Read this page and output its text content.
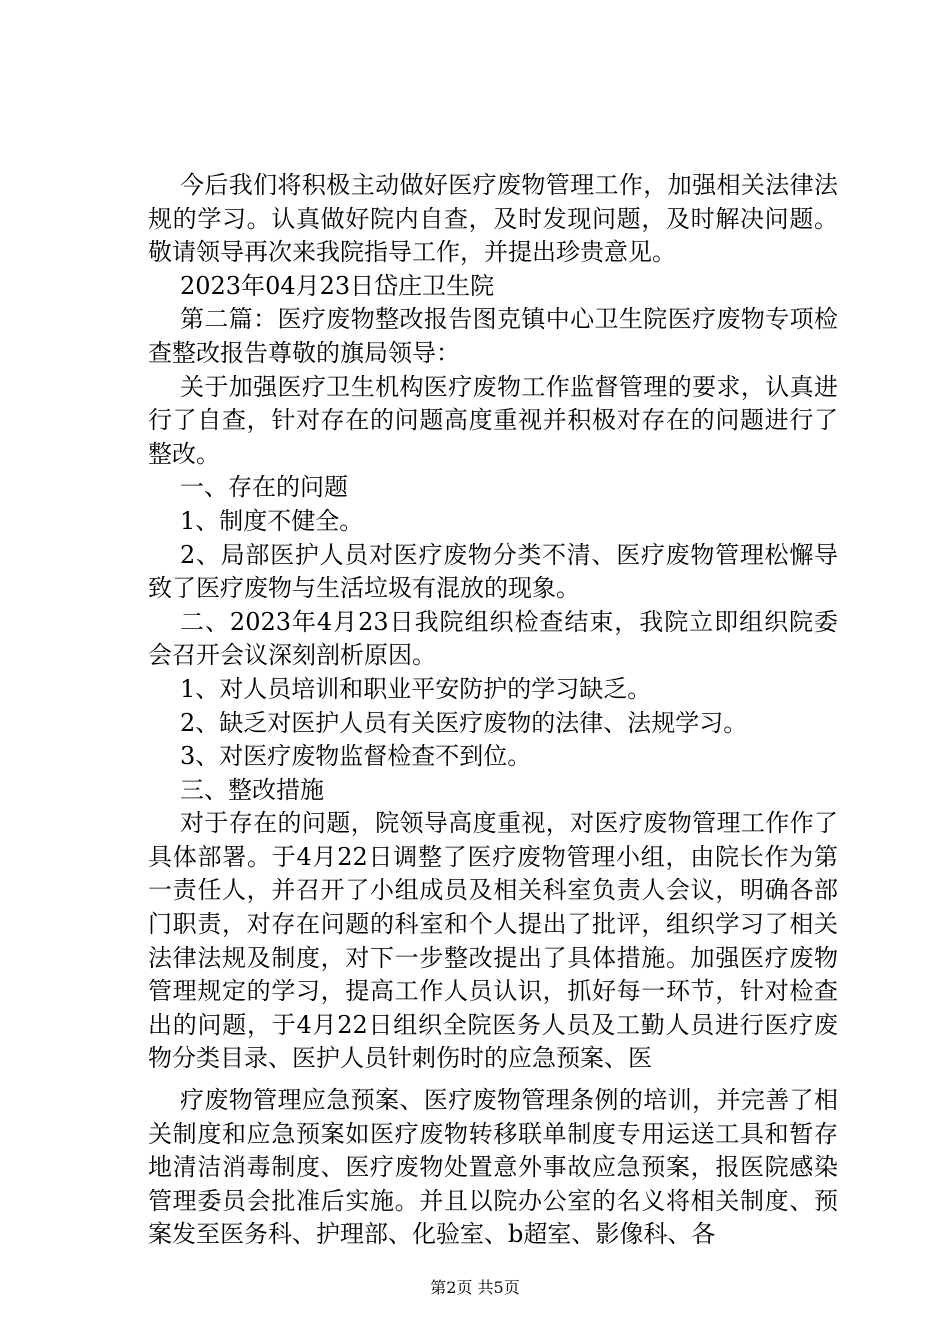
今后我们将积极主动做好医疗废物管理工作，加强相关法律法规的学习。认真做好院内自查，及时发现问题，及时解决问题。敬请领导再次来我院指导工作，并提出珍贵意见。

2023年04月23日岱庄卫生院

第二篇：医疗废物整改报告图克镇中心卫生院医疗废物专项检查整改报告尊敬的旗局领导：

关于加强医疗卫生机构医疗废物工作监督管理的要求，认真进行了自查，针对存在的问题高度重视并积极对存在的问题进行了整改。

一、存在的问题

1、制度不健全。

2、局部医护人员对医疗废物分类不清、医疗废物管理松懈导致了医疗废物与生活垃圾有混放的现象。

二、2023年4月23日我院组织检查结束，我院立即组织院委会召开会议深刻剖析原因。

1、对人员培训和职业平安防护的学习缺乏。

2、缺乏对医护人员有关医疗废物的法律、法规学习。

3、对医疗废物监督检查不到位。

三、整改措施

对于存在的问题，院领导高度重视，对医疗废物管理工作作了具体部署。于4月22日调整了医疗废物管理小组，由院长作为第一责任人，并召开了小组成员及相关科室负责人会议，明确各部门职责，对存在问题的科室和个人提出了批评，组织学习了相关法律法规及制度，对下一步整改提出了具体措施。加强医疗废物管理规定的学习，提高工作人员认识，抓好每一环节，针对检查出的问题，于4月22日组织全院医务人员及工勤人员进行医疗废物分类目录、医护人员针刺伤时的应急预案、医

疗废物管理应急预案、医疗废物管理条例的培训，并完善了相关制度和应急预案如医疗废物转移联单制度专用运送工具和暂存地清洁消毒制度、医疗废物处置意外事故应急预案，报医院感染管理委员会批准后实施。并且以院办公室的名义将相关制度、预案发至医务科、护理部、化验室、b超室、影像科、各

第2页 共5页
